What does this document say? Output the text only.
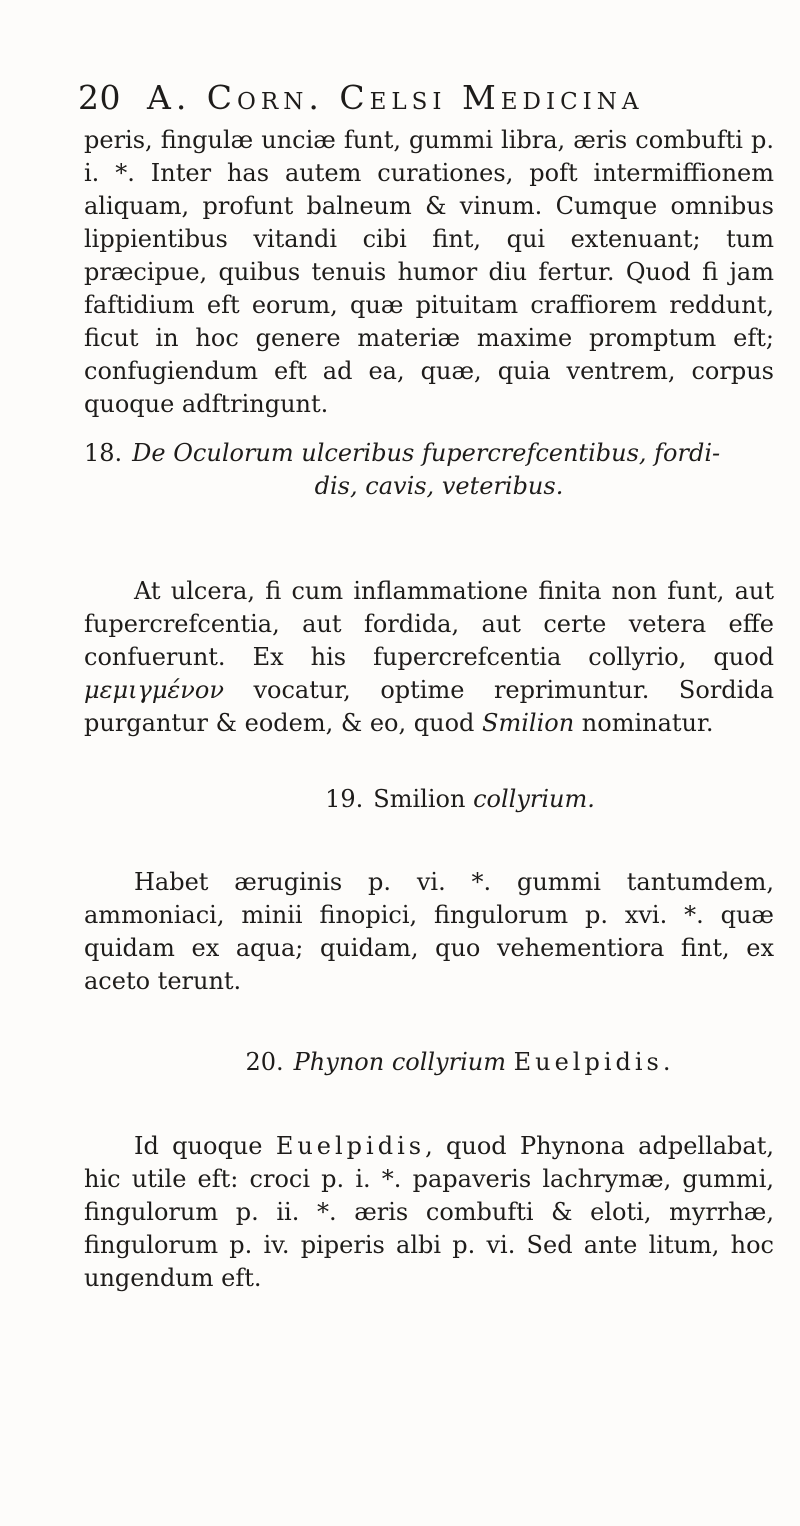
20 A. Corn. Celsi Medicina

peris, fingulæ unciæ funt, gummi libra, æris combufti p. i. *. Inter has autem curationes, poft intermiffionem aliquam, profunt balneum & vinum. Cumque omnibus lippientibus vitandi cibi fint, qui extenuant; tum præcipue, quibus tenuis humor diu fertur. Quod fi jam faftidium eft eorum, quæ pituitam craffiorem reddunt, ficut in hoc genere materiæ maxime promptum eft; confugiendum eft ad ea, quæ, quia ventrem, corpus quoque adftringunt.

18. De Oculorum ulceribus fupercrefcentibus, fordi-
dis, cavis, veteribus.

At ulcera, fi cum inflammatione finita non funt, aut fupercrefcentia, aut fordida, aut certe vetera effe confuerunt. Ex his fupercrefcentia collyrio, quod μεμιγμένον vocatur, optime reprimuntur. Sordida purgantur & eodem, & eo, quod Smilion nominatur.

19. Smilion collyrium.

Habet æruginis p. vi. *. gummi tantumdem, ammoniaci, minii finopici, fingulorum p. xvi. *. quæ quidam ex aqua; quidam, quo vehementiora fint, ex aceto terunt.

20. Phynon collyrium Euelpidis.

Id quoque Euelpidis, quod Phynona adpellabat, hic utile eft: croci p. i. *. papaveris lachrymæ, gummi, fingulorum p. ii. *. æris combufti & eloti, myrrhæ, fingulorum p. iv. piperis albi p. vi. Sed ante litum, hoc ungendum eft.
